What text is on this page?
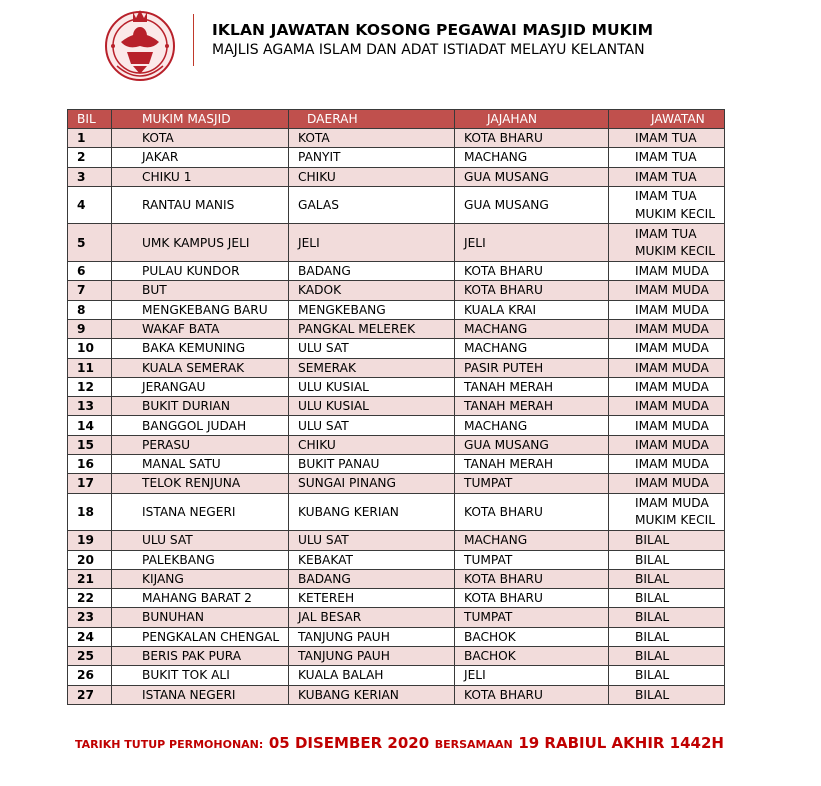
IKLAN JAWATAN KOSONG PEGAWAI MASJID MUKIM
MAJLIS AGAMA ISLAM DAN ADAT ISTIADAT MELAYU KELANTAN
BIL	MUKIM MASJID	DAERAH	JAJAHAN	JAWATAN
1	KOTA	KOTA	KOTA BHARU	IMAM TUA
2	JAKAR	PANYIT	MACHANG	IMAM TUA
3	CHIKU 1	CHIKU	GUA MUSANG	IMAM TUA
4	RANTAU MANIS	GALAS	GUA MUSANG	IMAM TUA
MUKIM KECIL

5	UMK KAMPUS JELI	JELI	JELI	IMAM TUA
MUKIM KECIL

6	PULAU KUNDOR	BADANG	KOTA BHARU	IMAM MUDA
7	BUT	KADOK	KOTA BHARU	IMAM MUDA
8	MENGKEBANG BARU	MENGKEBANG	KUALA KRAI	IMAM MUDA
9	WAKAF BATA	PANGKAL MELEREK	MACHANG	IMAM MUDA
10	BAKA KEMUNING	ULU SAT	MACHANG	IMAM MUDA
11	KUALA SEMERAK	SEMERAK	PASIR PUTEH	IMAM MUDA
12	JERANGAU	ULU KUSIAL	TANAH MERAH	IMAM MUDA
13	BUKIT DURIAN	ULU KUSIAL	TANAH MERAH	IMAM MUDA
14	BANGGOL JUDAH	ULU SAT	MACHANG	IMAM MUDA
15	PERASU	CHIKU	GUA MUSANG	IMAM MUDA
16	MANAL SATU	BUKIT PANAU	TANAH MERAH	IMAM MUDA
17	TELOK RENJUNA	SUNGAI PINANG	TUMPAT	IMAM MUDA
18	ISTANA NEGERI	KUBANG KERIAN	KOTA BHARU	IMAM MUDA
MUKIM KECIL

19	ULU SAT	ULU SAT	MACHANG	BILAL
20	PALEKBANG	KEBAKAT	TUMPAT	BILAL
21	KIJANG	BADANG	KOTA BHARU	BILAL
22	MAHANG BARAT 2	KETEREH	KOTA BHARU	BILAL
23	BUNUHAN	JAL BESAR	TUMPAT	BILAL
24	PENGKALAN CHENGAL	TANJUNG PAUH	BACHOK	BILAL
25	BERIS PAK PURA	TANJUNG PAUH	BACHOK	BILAL
26	BUKIT TOK ALI	KUALA BALAH	JELI	BILAL
27	ISTANA NEGERI	KUBANG KERIAN	KOTA BHARU	BILAL
TARIKH TUTUP PERMOHONAN: 05 DISEMBER 2020 BERSAMAAN 19 RABIUL AKHIR 1442H
